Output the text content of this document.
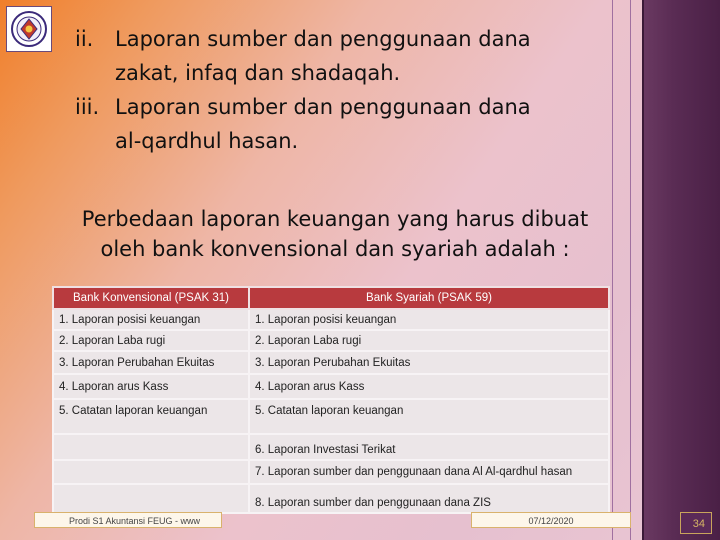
ii. Laporan sumber dan penggunaan dana
zakat, infaq dan shadaqah.
iii. Laporan sumber dan penggunaan dana
al-qardhul hasan.
Perbedaan laporan keuangan yang harus dibuat
oleh bank konvensional dan syariah adalah :
Bank Konvensional (PSAK 31)	Bank Syariah (PSAK 59)
1. Laporan posisi keuangan	1. Laporan posisi keuangan
2. Laporan Laba rugi	2. Laporan Laba rugi
3. Laporan Perubahan Ekuitas	3. Laporan Perubahan Ekuitas
4. Laporan arus Kass	4. Laporan arus Kass
5. Catatan laporan keuangan	5. Catatan laporan keuangan
	6. Laporan Investasi Terikat
	7. Laporan sumber dan penggunaan dana Al Al-qardhul hasan
	8. Laporan sumber dan penggunaan dana ZIS
Prodi S1 Akuntansi FEUG - www	07/12/2020	34
